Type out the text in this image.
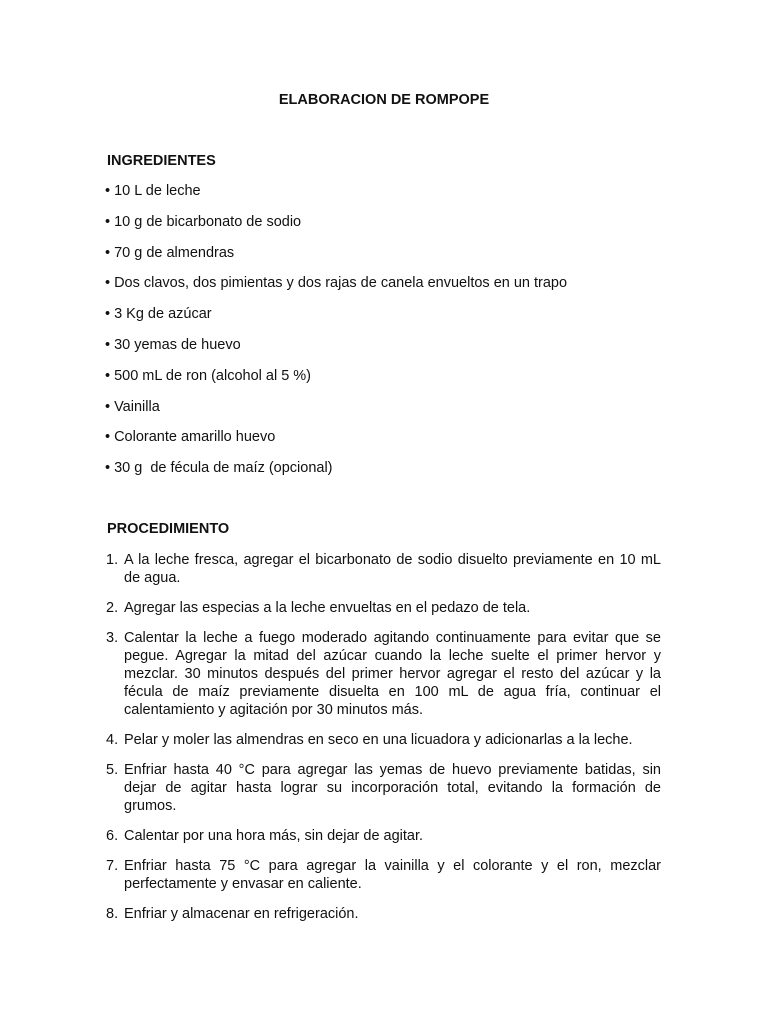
ELABORACION DE ROMPOPE
INGREDIENTES
• 10 L de leche
• 10 g de bicarbonato de sodio
• 70 g de almendras
• Dos clavos, dos pimientas y dos rajas de canela envueltos en un trapo
• 3 Kg de azúcar
• 30 yemas de huevo
• 500 mL de ron (alcohol al 5 %)
• Vainilla
• Colorante amarillo huevo
• 30 g  de fécula de maíz (opcional)
PROCEDIMIENTO
1. A la leche fresca, agregar el bicarbonato de sodio disuelto previamente en 10 mL de agua.
2. Agregar las especias a la leche envueltas en el pedazo de tela.
3. Calentar la leche a fuego moderado agitando continuamente para evitar que se pegue. Agregar la mitad del azúcar cuando la leche suelte el primer hervor y mezclar. 30 minutos después del primer hervor agregar el resto del azúcar y la fécula de maíz previamente disuelta en 100 mL de agua fría, continuar el calentamiento y agitación por 30 minutos más.
4. Pelar y moler las almendras en seco en una licuadora y adicionarlas a la leche.
5. Enfriar hasta 40 °C para agregar las yemas de huevo previamente batidas, sin dejar de agitar hasta lograr su incorporación total, evitando la formación de grumos.
6. Calentar por una hora más, sin dejar de agitar.
7. Enfriar hasta 75 °C para agregar la vainilla y el colorante y el ron, mezclar perfectamente y envasar en caliente.
8. Enfriar y almacenar en refrigeración.
